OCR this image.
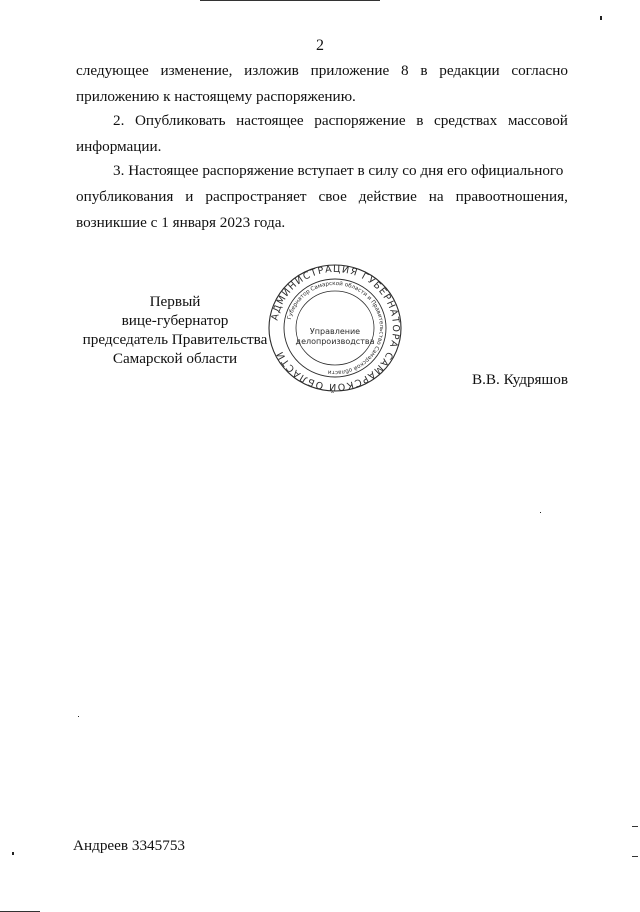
2
следующее изменение, изложив приложение 8 в редакции согласно
приложению к настоящему распоряжению.
2. Опубликовать настоящее распоряжение в средствах массовой
информации.
3. Настоящее распоряжение вступает в силу со дня его официального
опубликования и распространяет свое действие на правоотношения,
возникшие с 1 января 2023 года.
Первый
вице-губернатор
председатель Правительства
Самарской области
АДМИНИСТРАЦИЯ ГУБЕРНАТОРА САМАРСКОЙ ОБЛАСТИ
Губернатор Самарской области и Правительство Самарской области
Управление
делопроизводства
В.В. Кудряшов
Андреев 3345753
